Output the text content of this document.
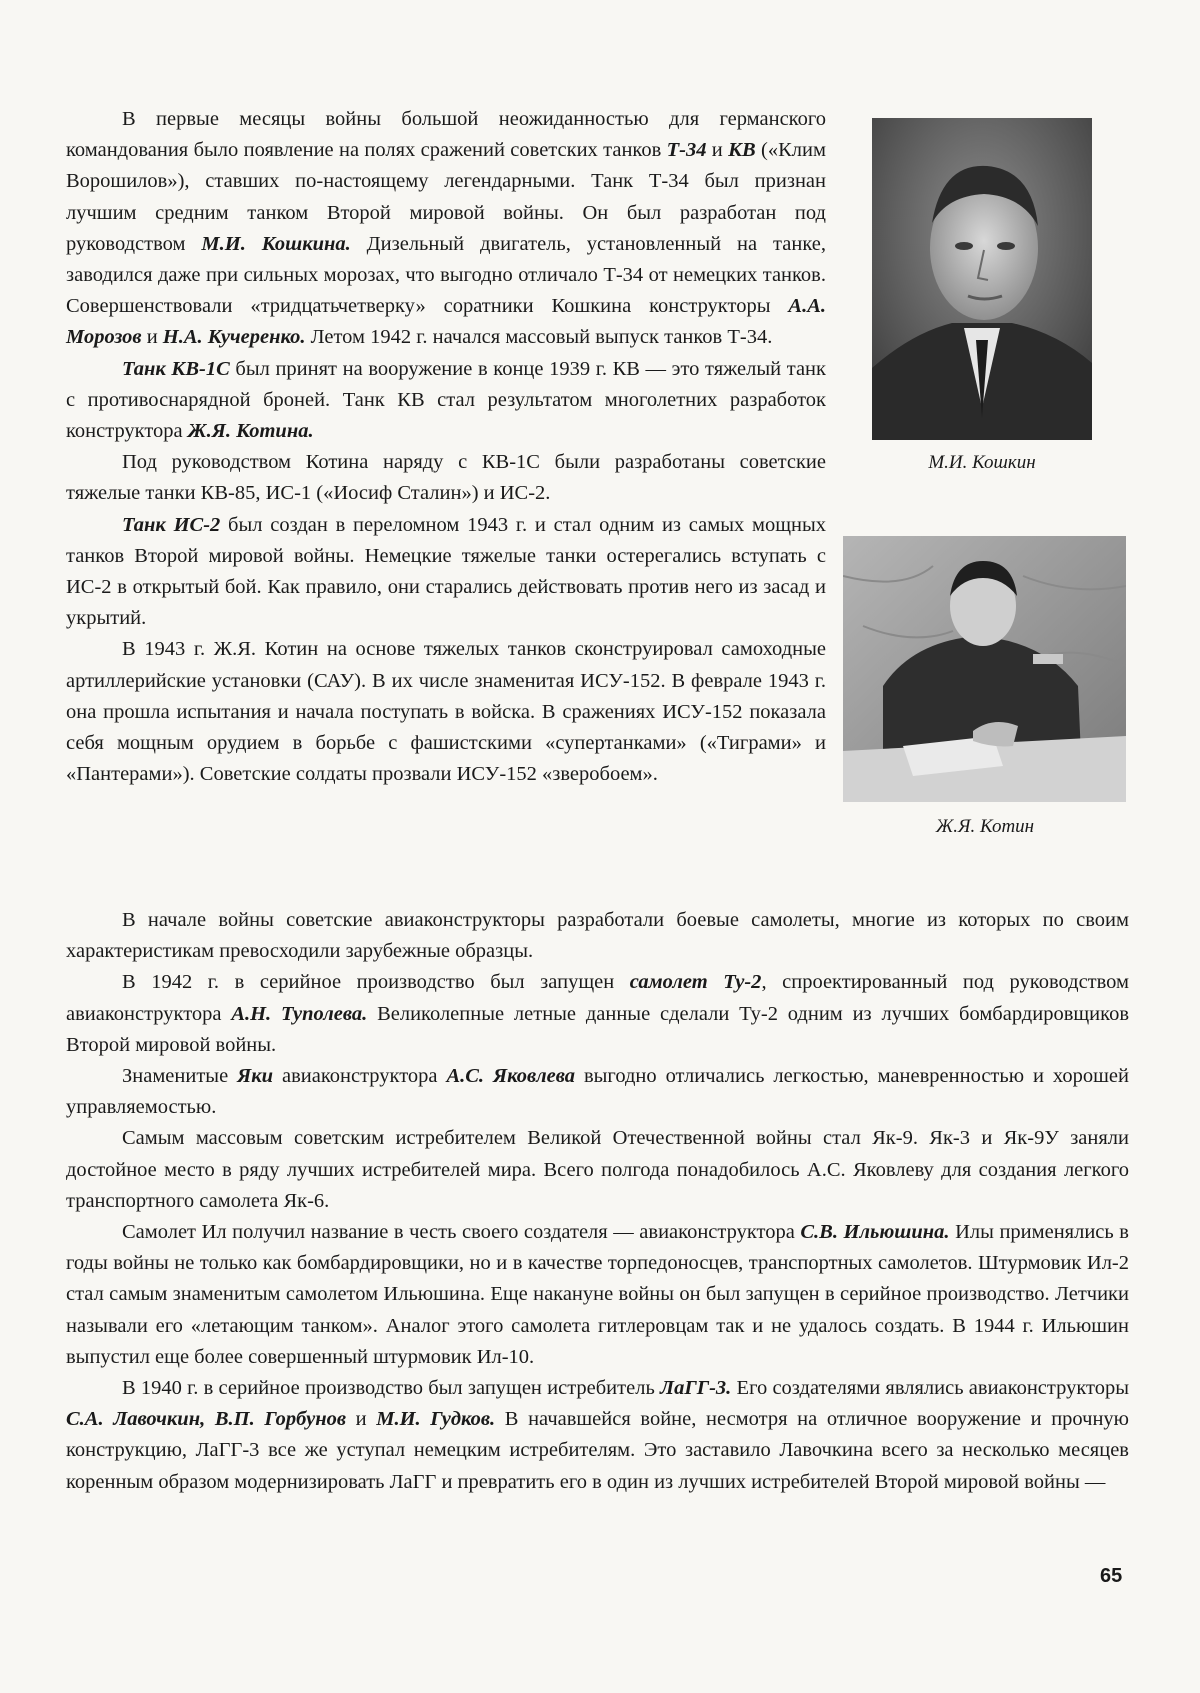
В первые месяцы войны большой неожиданностью для германского командования было появление на полях сражений советских танков Т-34 и КВ («Клим Ворошилов»), ставших по-настоящему легендарными. Танк Т-34 был признан лучшим средним танком Второй мировой войны. Он был разработан под руководством М.И. Кошкина. Дизельный двигатель, установленный на танке, заводился даже при сильных морозах, что выгодно отличало Т-34 от немецких танков. Совершенствовали «тридцатьчетверку» соратники Кошкина конструкторы А.А. Морозов и Н.А. Кучеренко. Летом 1942 г. начался массовый выпуск танков Т-34.

Танк КВ-1С был принят на вооружение в конце 1939 г. КВ — это тяжелый танк с противоснарядной броней. Танк КВ стал результатом многолетних разработок конструктора Ж.Я. Котина.

Под руководством Котина наряду с КВ-1С были разработаны советские тяжелые танки КВ-85, ИС-1 («Иосиф Сталин») и ИС-2.

Танк ИС-2 был создан в переломном 1943 г. и стал одним из самых мощных танков Второй мировой войны. Немецкие тяжелые танки остерегались вступать с ИС-2 в открытый бой. Как правило, они старались действовать против него из засад и укрытий.

В 1943 г. Ж.Я. Котин на основе тяжелых танков сконструировал самоходные артиллерийские установки (САУ). В их числе знаменитая ИСУ-152. В феврале 1943 г. она прошла испытания и начала поступать в войска. В сражениях ИСУ-152 показала себя мощным орудием в борьбе с фашистскими «супертанками» («Тиграми» и «Пантерами»). Советские солдаты прозвали ИСУ-152 «зверобоем».

В начале войны советские авиаконструкторы разработали боевые самолеты, многие из которых по своим характеристикам превосходили зарубежные образцы.

В 1942 г. в серийное производство был запущен самолет Ту-2, спроектированный под руководством авиаконструктора А.Н. Туполева. Великолепные летные данные сделали Ту-2 одним из лучших бомбардировщиков Второй мировой войны.

Знаменитые Яки авиаконструктора А.С. Яковлева выгодно отличались легкостью, маневренностью и хорошей управляемостью.

Самым массовым советским истребителем Великой Отечественной войны стал Як-9. Як-3 и Як-9У заняли достойное место в ряду лучших истребителей мира. Всего полгода понадобилось А.С. Яковлеву для создания легкого транспортного самолета Як-6.

Самолет Ил получил название в честь своего создателя — авиаконструктора С.В. Ильюшина. Илы применялись в годы войны не только как бомбардировщики, но и в качестве торпедоносцев, транспортных самолетов. Штурмовик Ил-2 стал самым знаменитым самолетом Ильюшина. Еще накануне войны он был запущен в серийное производство. Летчики называли его «летающим танком». Аналог этого самолета гитлеровцам так и не удалось создать. В 1944 г. Ильюшин выпустил еще более совершенный штурмовик Ил-10.

В 1940 г. в серийное производство был запущен истребитель ЛаГГ-3. Его создателями являлись авиаконструкторы С.А. Лавочкин, В.П. Горбунов и М.И. Гудков. В начавшейся войне, несмотря на отличное вооружение и прочную конструкцию, ЛаГГ-3 все же уступал немецким истребителям. Это заставило Лавочкина всего за несколько месяцев коренным образом модернизировать ЛаГГ и превратить его в один из лучших истребителей Второй мировой войны —

М.И. Кошкин
Ж.Я. Котин
65
